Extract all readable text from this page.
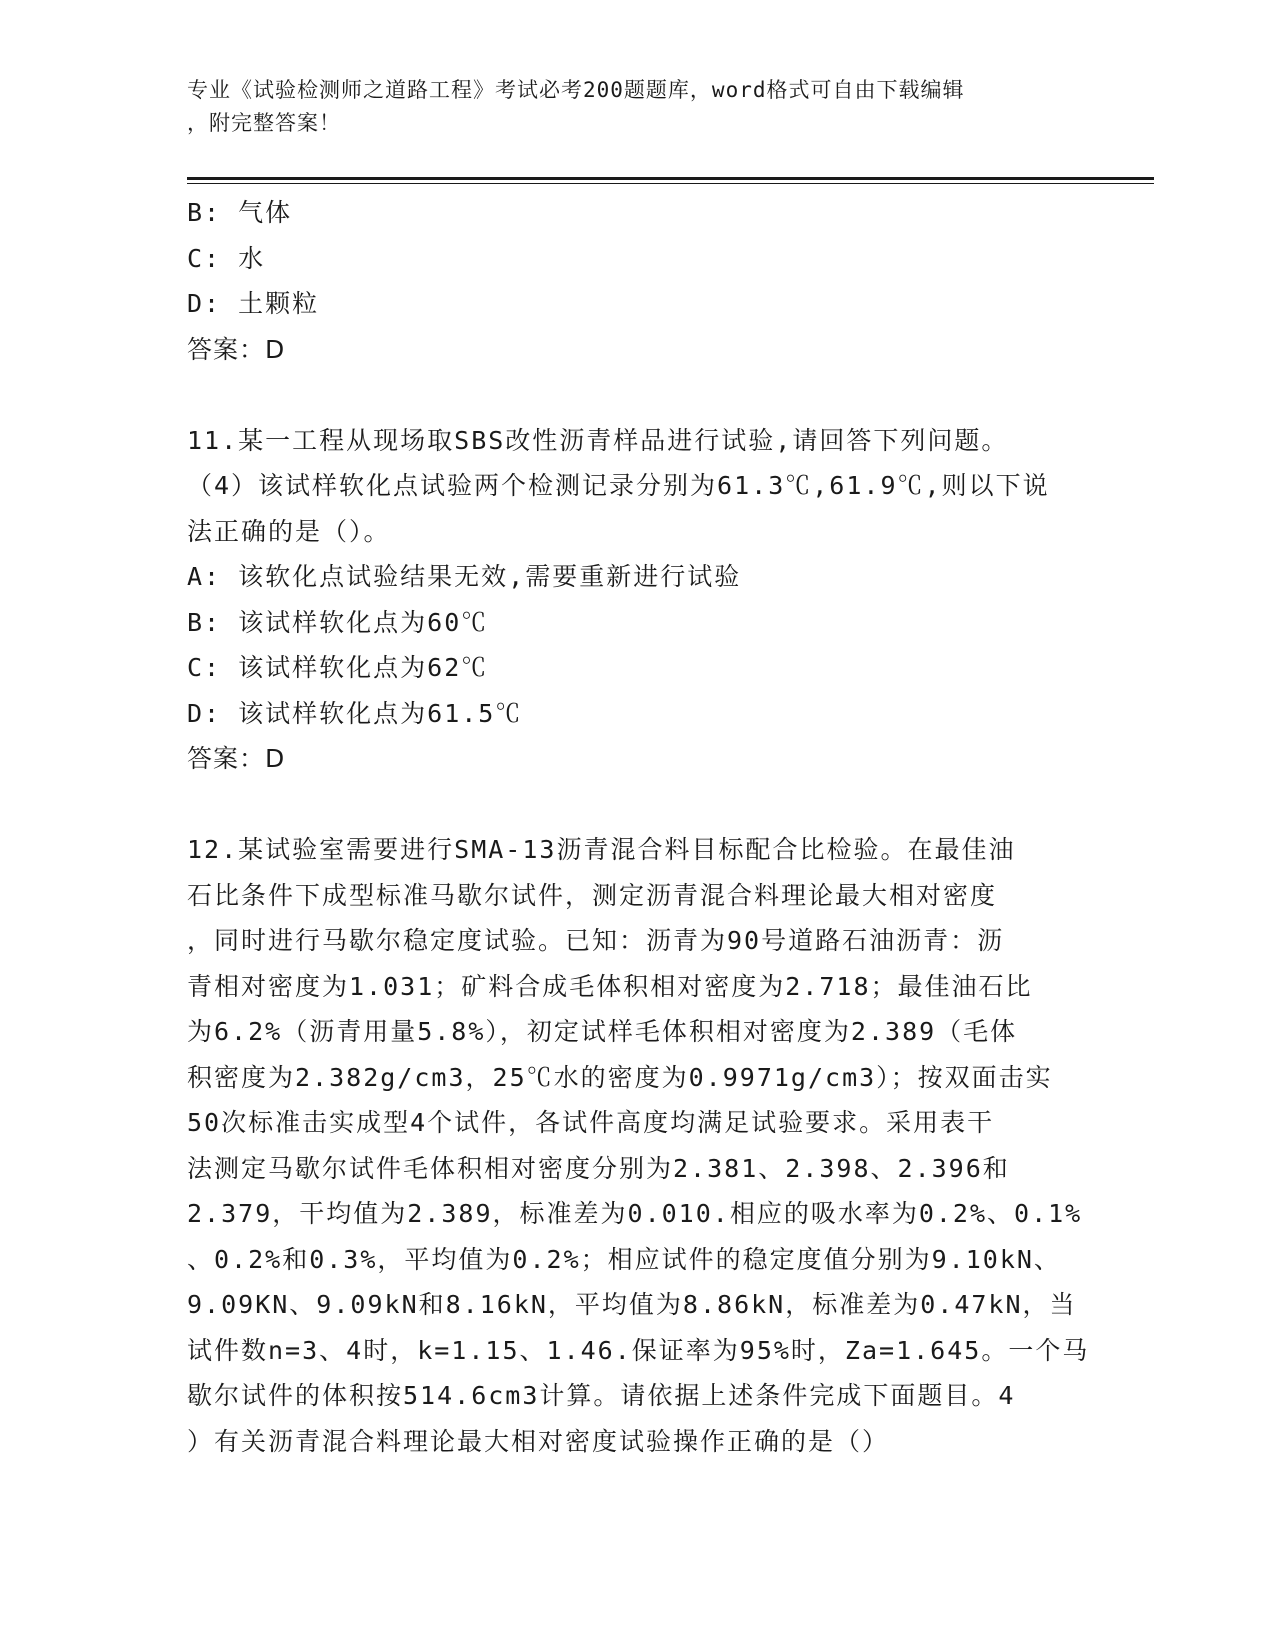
专业《试验检测师之道路工程》考试必考200题题库，word格式可自由下载编辑
，附完整答案！
B: 气体
C: 水
D: 土颗粒
答案：D
11.某一工程从现场取SBS改性沥青样品进行试验,请回答下列问题。
（4）该试样软化点试验两个检测记录分别为61.3℃,61.9℃,则以下说
法正确的是（）。
A: 该软化点试验结果无效,需要重新进行试验
B: 该试样软化点为60℃
C: 该试样软化点为62℃
D: 该试样软化点为61.5℃
答案：D
12.某试验室需要进行SMA-13沥青混合料目标配合比检验。在最佳油
石比条件下成型标准马歇尔试件，测定沥青混合料理论最大相对密度
，同时进行马歇尔稳定度试验。已知：沥青为90号道路石油沥青：沥
青相对密度为1.031；矿料合成毛体积相对密度为2.718；最佳油石比
为6.2%（沥青用量5.8%），初定试样毛体积相对密度为2.389（毛体
积密度为2.382g/cm3，25℃水的密度为0.9971g/cm3）；按双面击实
50次标准击实成型4个试件，各试件高度均满足试验要求。采用表干
法测定马歇尔试件毛体积相对密度分别为2.381、2.398、2.396和
2.379，干均值为2.389，标准差为0.010.相应的吸水率为0.2%、0.1%
、0.2%和0.3%，平均值为0.2%；相应试件的稳定度值分别为9.10kN、
9.09KN、9.09kN和8.16kN，平均值为8.86kN，标准差为0.47kN，当
试件数n=3、4时，k=1.15、1.46.保证率为95%时，Za=1.645。一个马
歇尔试件的体积按514.6cm3计算。请依据上述条件完成下面题目。4
）有关沥青混合料理论最大相对密度试验操作正确的是（）
